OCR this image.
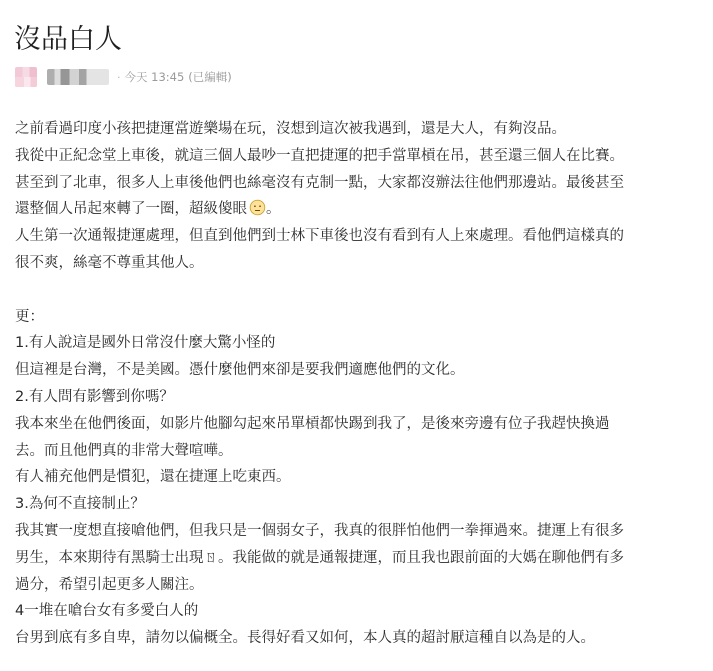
沒品白人
· 今天 13:45 (已編輯)
之前看過印度小孩把捷運當遊樂場在玩，沒想到這次被我遇到，還是大人，有夠沒品。
我從中正紀念堂上車後，就這三個人最吵一直把捷運的把手當單槓在吊，甚至還三個人在比賽。
甚至到了北車，很多人上車後他們也絲毫沒有克制一點，大家都沒辦法往他們那邊站。最後甚至
還整個人吊起來轉了一圈，超級傻眼 。
人生第一次通報捷運處理，但直到他們到士林下車後也沒有看到有人上來處理。看他們這樣真的
很不爽，絲毫不尊重其他人。
更：
1.有人說這是國外日常沒什麼大驚小怪的
但這裡是台灣，不是美國。憑什麼他們來卻是要我們適應他們的文化。
2.有人問有影響到你嗎？
我本來坐在他們後面，如影片他腳勾起來吊單槓都快踢到我了，是後來旁邊有位子我趕快換過
去。而且他們真的非常大聲喧嘩。
有人補充他們是慣犯，還在捷運上吃東西。
3.為何不直接制止？
我其實一度想直接嗆他們，但我只是一個弱女子，我真的很胖怕他們一拳揮過來。捷運上有很多
男生，本來期待有黑騎士出現ㄖ。我能做的就是通報捷運，而且我也跟前面的大媽在聊他們有多
過分，希望引起更多人關注。
4一堆在嗆台女有多愛白人的
台男到底有多自卑，請勿以偏概全。長得好看又如何，本人真的超討厭這種自以為是的人。
